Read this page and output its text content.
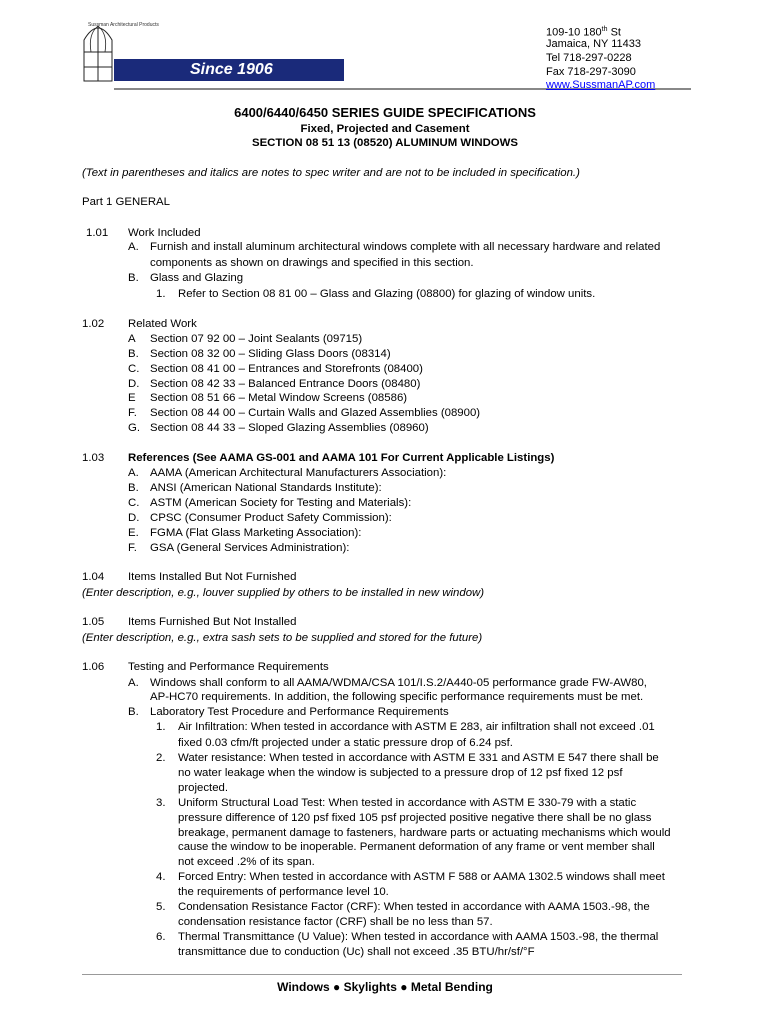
Sussman Architectural Products
Since 1906
109-10 180th St
Jamaica, NY 11433
Tel 718-297-0228
Fax 718-297-3090
www.SussmanAP.com
6400/6440/6450 SERIES GUIDE SPECIFICATIONS
Fixed, Projected and Casement
SECTION 08 51 13 (08520) ALUMINUM WINDOWS
(Text in parentheses and italics are notes to spec writer and are not to be included in specification.)
Part 1 GENERAL
1.01 Work Included
A. Furnish and install aluminum architectural windows complete with all necessary hardware and related
components as shown on drawings and specified in this section.
B. Glass and Glazing
1. Refer to Section 08 81 00 – Glass and Glazing (08800) for glazing of window units.
1.02 Related Work
A Section 07 92 00 – Joint Sealants (09715)
B. Section 08 32 00 – Sliding Glass Doors (08314)
C. Section 08 41 00 – Entrances and Storefronts (08400)
D. Section 08 42 33 – Balanced Entrance Doors (08480)
E Section 08 51 66 – Metal Window Screens (08586)
F. Section 08 44 00 – Curtain Walls and Glazed Assemblies (08900)
G. Section 08 44 33 – Sloped Glazing Assemblies (08960)
1.03 References (See AAMA GS-001 and AAMA 101 For Current Applicable Listings)
A. AAMA (American Architectural Manufacturers Association):
B. ANSI (American National Standards Institute):
C. ASTM (American Society for Testing and Materials):
D. CPSC (Consumer Product Safety Commission):
E. FGMA (Flat Glass Marketing Association):
F. GSA (General Services Administration):
1.04 Items Installed But Not Furnished
(Enter description, e.g., louver supplied by others to be installed in new window)
1.05 Items Furnished But Not Installed
(Enter description, e.g., extra sash sets to be supplied and stored for the future)
1.06 Testing and Performance Requirements
A. Windows shall conform to all AAMA/WDMA/CSA 101/I.S.2/A440-05 performance grade FW-AW80,
AP-HC70 requirements. In addition, the following specific performance requirements must be met.
B. Laboratory Test Procedure and Performance Requirements
1. Air Infiltration: When tested in accordance with ASTM E 283, air infiltration shall not exceed .01
fixed 0.03 cfm/ft projected under a static pressure drop of 6.24 psf.
2. Water resistance: When tested in accordance with ASTM E 331 and ASTM E 547 there shall be
no water leakage when the window is subjected to a pressure drop of 12 psf fixed 12 psf
projected.
3. Uniform Structural Load Test: When tested in accordance with ASTM E 330-79 with a static
pressure difference of 120 psf fixed 105 psf projected positive negative there shall be no glass
breakage, permanent damage to fasteners, hardware parts or actuating mechanisms which would
cause the window to be inoperable. Permanent deformation of any frame or vent member shall
not exceed .2% of its span.
4. Forced Entry: When tested in accordance with ASTM F 588 or AAMA 1302.5 windows shall meet
the requirements of performance level 10.
5. Condensation Resistance Factor (CRF): When tested in accordance with AAMA 1503.-98, the
condensation resistance factor (CRF) shall be no less than 57.
6. Thermal Transmittance (U Value): When tested in accordance with AAMA 1503.-98, the thermal
transmittance due to conduction (Uc) shall not exceed .35 BTU/hr/sf/°F
Windows ● Skylights ● Metal Bending
